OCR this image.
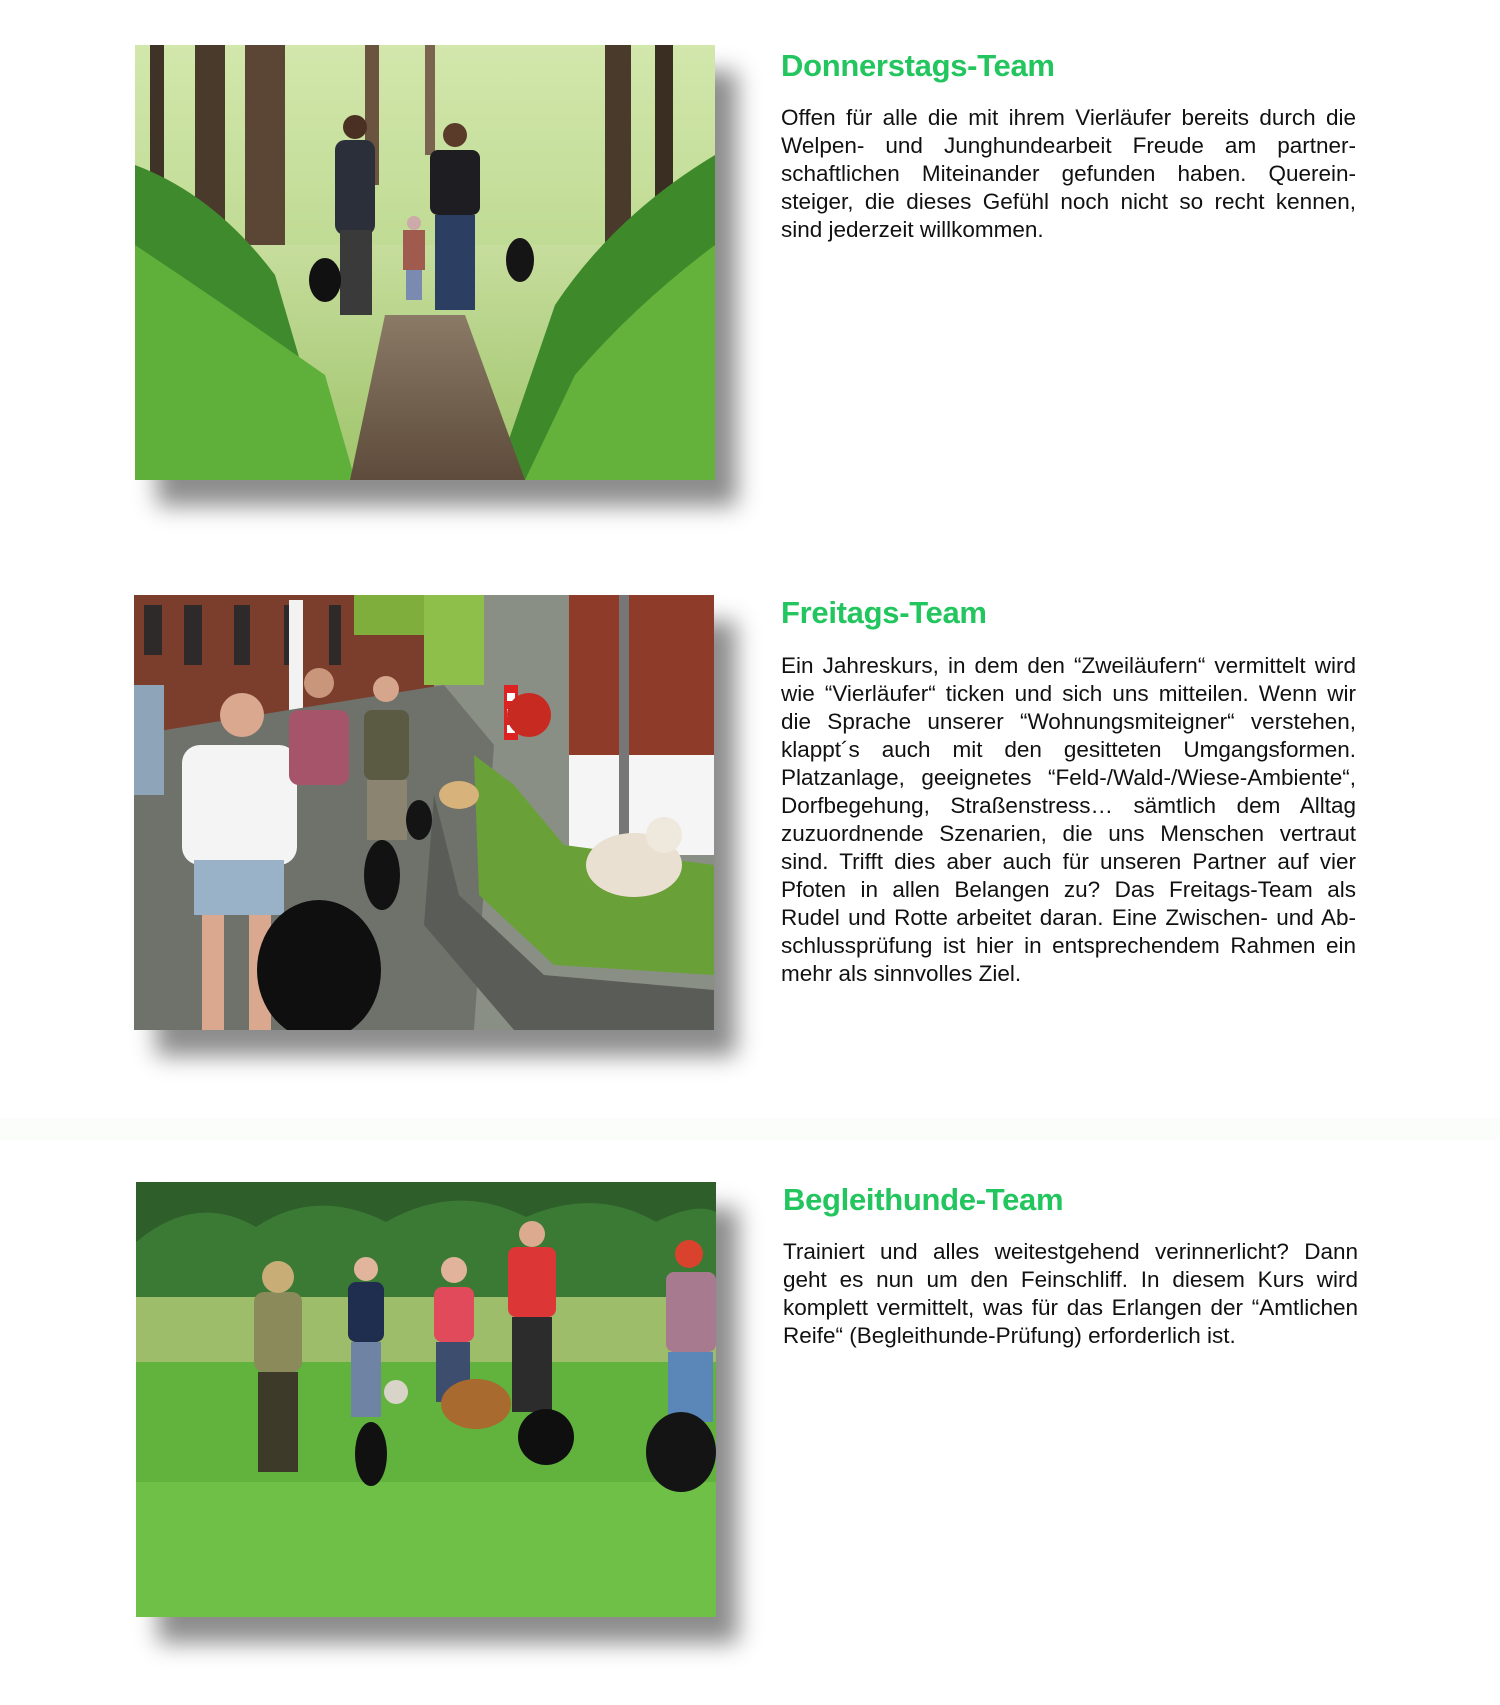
Donnerstags-Team

Offen für alle die mit ihrem Vierläufer bereits durch die Welpen- und Junghundearbeit Freude am partnerschaftlichen Miteinander gefunden haben. Quereinsteiger, die dieses Gefühl noch nicht so recht kennen, sind jederzeit willkommen.

Freitags-Team

Ein Jahreskurs, in dem den “Zweiläufern“ vermittelt wird wie “Vierläufer“ ticken und sich uns mitteilen. Wenn wir die Sprache unserer “Wohnungsmiteigner“ verstehen, klappt´s auch mit den gesitteten Umgangsformen. Platzanlage, geeignetes “Feld-/Wald-/Wiese-Ambiente“, Dorfbegehung, Straßenstress… sämtlich dem Alltag zuzuordnende Szenarien, die uns Menschen vertraut sind. Trifft dies aber auch für unseren Partner auf vier Pfoten in allen Belangen zu? Das Freitags-Team als Rudel und Rotte arbeitet daran. Eine Zwischen- und Abschlussprüfung ist hier in entsprechendem Rahmen ein mehr als sinnvolles Ziel.

Begleithunde-Team

Trainiert und alles weitestgehend verinnerlicht? Dann geht es nun um den Feinschliff. In diesem Kurs wird komplett vermittelt, was für das Erlangen der “Amtlichen Reife“ (Begleithunde-Prüfung) erforderlich ist.
